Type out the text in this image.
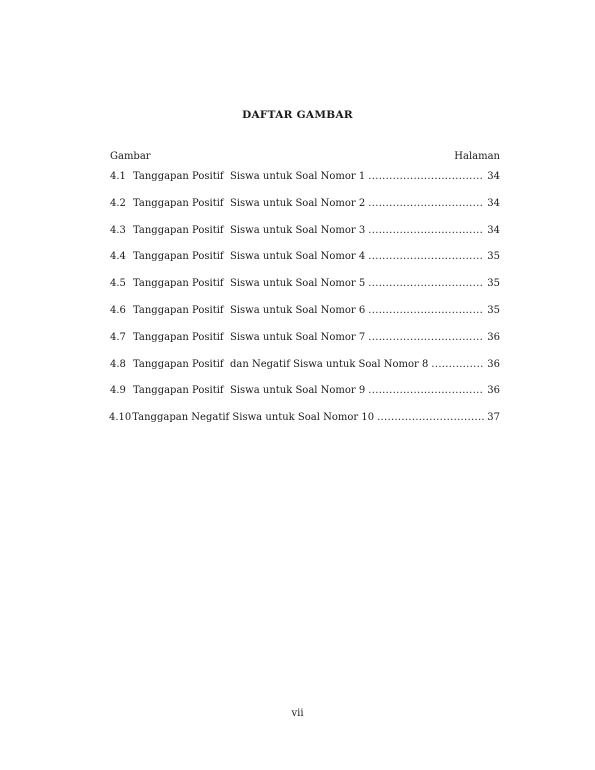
DAFTAR GAMBAR
Gambar	Halaman
4.1 Tanggapan Positif  Siswa untuk Soal Nomor 1 .....	34
4.2 Tanggapan Positif  Siswa untuk Soal Nomor 2 .....	34
4.3 Tanggapan Positif  Siswa untuk Soal Nomor 3 .....	34
4.4 Tanggapan Positif  Siswa untuk Soal Nomor 4 .....	35
4.5 Tanggapan Positif  Siswa untuk Soal Nomor 5 .....	35
4.6 Tanggapan Positif  Siswa untuk Soal Nomor 6 .....	35
4.7 Tanggapan Positif  Siswa untuk Soal Nomor 7 .....	36
4.8 Tanggapan Positif  dan Negatif Siswa untuk Soal Nomor 8 .....	36
4.9 Tanggapan Positif  Siswa untuk Soal Nomor 9 .....	36
4.10 Tanggapan Negatif Siswa untuk Soal Nomor 10 .....	37
vii
